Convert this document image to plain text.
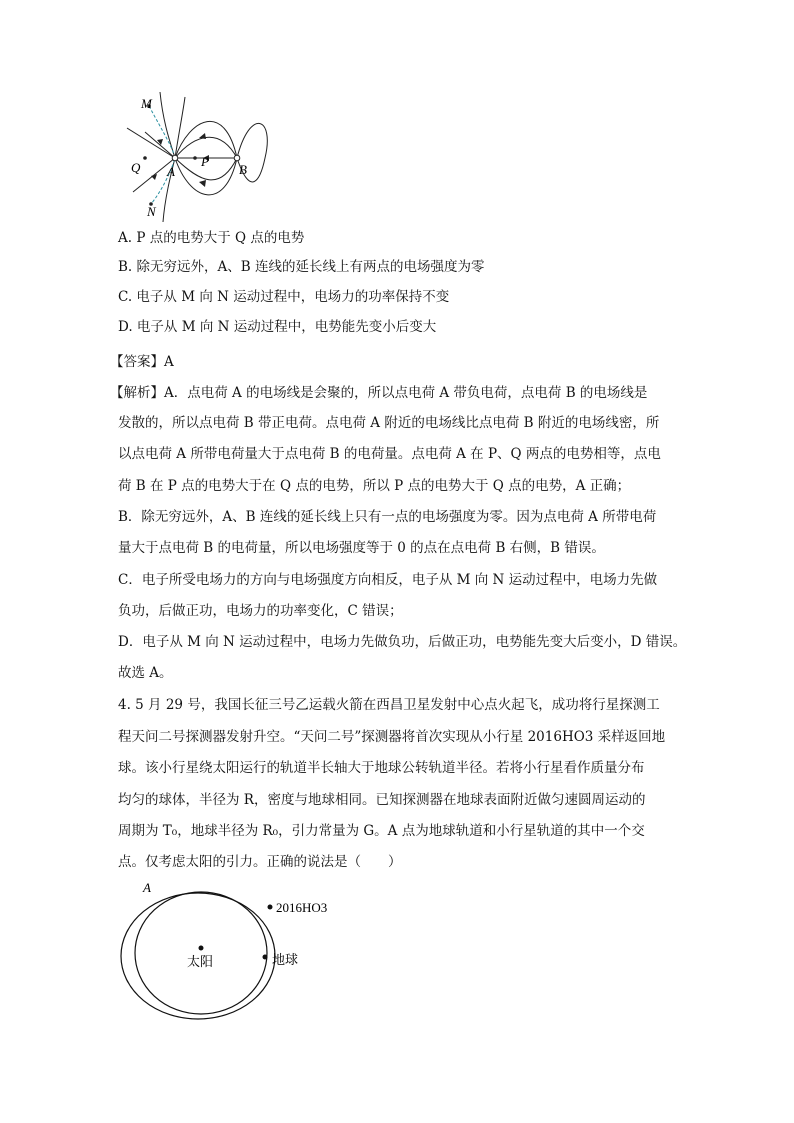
M
Q A
P
B
N
A. P 点的电势大于 Q 点的电势
B. 除无穷远外，A、B 连线的延长线上有两点的电场强度为零
C. 电子从 M 向 N 运动过程中，电场力的功率保持不变
D. 电子从 M 向 N 运动过程中，电势能先变小后变大
【答案】A
【解析】A．点电荷 A 的电场线是会聚的，所以点电荷 A 带负电荷，点电荷 B 的电场线是
发散的，所以点电荷 B 带正电荷。点电荷 A 附近的电场线比点电荷 B 附近的电场线密，所
以点电荷 A 所带电荷量大于点电荷 B 的电荷量。点电荷 A 在 P、Q 两点的电势相等，点电
荷 B 在 P 点的电势大于在 Q 点的电势，所以 P 点的电势大于 Q 点的电势，A 正确；
B．除无穷远外，A、B 连线的延长线上只有一点的电场强度为零。因为点电荷 A 所带电荷
量大于点电荷 B 的电荷量，所以电场强度等于 0 的点在点电荷 B 右侧，B 错误。
C．电子所受电场力的方向与电场强度方向相反，电子从 M 向 N 运动过程中，电场力先做
负功，后做正功，电场力的功率变化，C 错误；
D．电子从 M 向 N 运动过程中，电场力先做负功，后做正功，电势能先变大后变小，D 错误。
故选 A。
4. 5 月 29 号，我国长征三号乙运载火箭在西昌卫星发射中心点火起飞，成功将行星探测工
程天问二号探测器发射升空。“天问二号”探测器将首次实现从小行星 2016HO3 采样返回地
球。该小行星绕太阳运行的轨道半长轴大于地球公转轨道半径。若将小行星看作质量分布
均匀的球体，半径为 R，密度与地球相同。已知探测器在地球表面附近做匀速圆周运动的
周期为 T₀，地球半径为 R₀，引力常量为 G。A 点为地球轨道和小行星轨道的其中一个交
点。仅考虑太阳的引力。正确的说法是（　　）
A
2016HO3
太阳	地球
